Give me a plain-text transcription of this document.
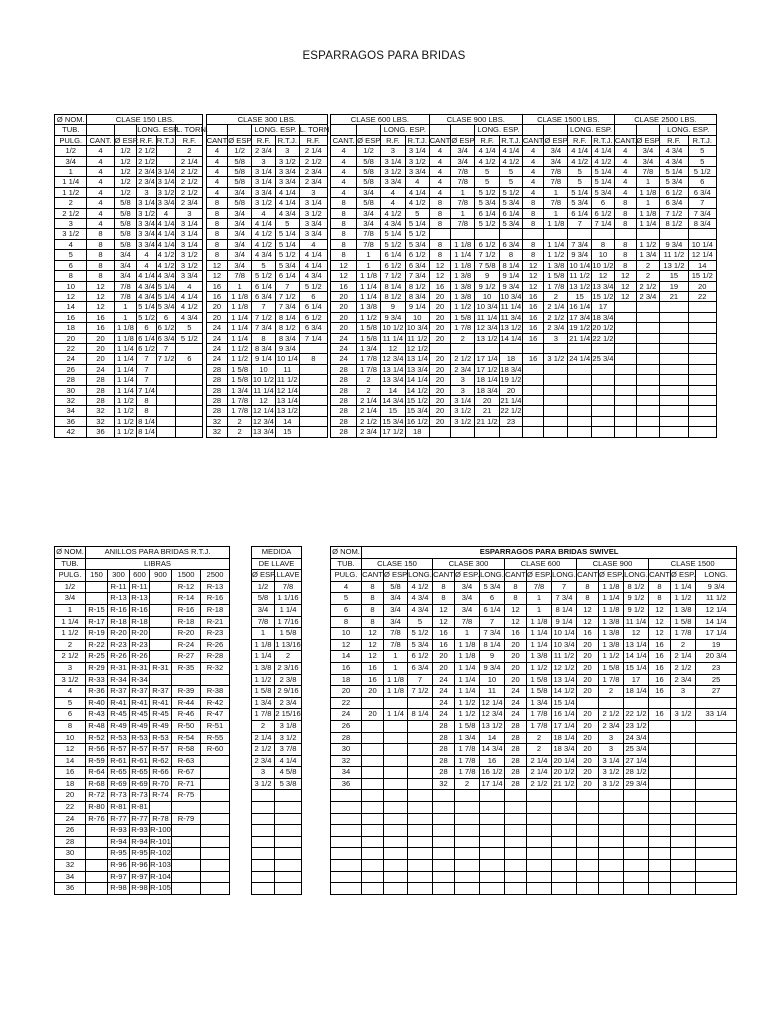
ESPARRAGOS PARA BRIDAS
Ø NOM.	CLASE 150 LBS.						CLASE 300 LBS.						CLASE 600 LBS.				CLASE 900 LBS.				CLASE 1500 LBS.				CLASE 2500 LBS.			
TUB.			LONG. ESP.		L. TORN.				LONG. ESP.		L. TORN.				LONG. ESP.				LONG. ESP.				LONG. ESP.				LONG. ESP.	
PULG.	CANT.	Ø ESP.	R.F.	R.T.J.	R.F.		CANT.	Ø ESP.	R.F.	R.T.J.	R.F.		CANT.	Ø ESP.	R.F.	R.T.J.	CANT.	Ø ESP.	R.F.	R.T.J.	CANT.	Ø ESP.	R.F.	R.T.J.	CANT.	Ø ESP.	R.F.	R.T.J.
1/2	4	1/2	2 1/2		2		4	1/2	2 3/4	3	2 1/4		4	1/2	3	3 1/4	4	3/4	4 1/4	4 1/4	4	3/4	4 1/4	4 1/4	4	3/4	4 3/4	5
3/4	4	1/2	2 1/2		2 1/4		4	5/8	3	3 1/2	2 1/2		4	5/8	3 1/4	3 1/2	4	3/4	4 1/2	4 1/2	4	3/4	4 1/2	4 1/2	4	3/4	4 3/4	5
1	4	1/2	2 3/4	3 1/4	2 1/2		4	5/8	3 1/4	3 3/4	2 3/4		4	5/8	3 1/2	3 3/4	4	7/8	5	5	4	7/8	5	5 1/4	4	7/8	5 1/4	5 1/2
1 1/4	4	1/2	2 3/4	3 1/4	2 1/2		4	5/8	3 1/4	3 3/4	2 3/4		4	5/8	3 3/4	4	4	7/8	5	5	4	7/8	5	5 1/4	4	1	5 3/4	6
1 1/2	4	1/2	3	3 1/2	2 1/2		4	3/4	3 3/4	4 1/4	3		4	3/4	4	4 1/4	4	1	5 1/2	5 1/2	4	1	5 1/4	5 3/4	4	1 1/8	6 1/2	6 3/4
2	4	5/8	3 1/4	3 3/4	2 3/4		8	5/8	3 1/2	4 1/4	3 1/4		8	5/8	4	4 1/2	8	7/8	5 3/4	5 3/4	8	7/8	5 3/4	6	8	1	6 3/4	7
2 1/2	4	5/8	3 1/2	4	3		8	3/4	4	4 3/4	3 1/2		8	3/4	4 1/2	5	8	1	6 1/4	6 1/4	8	1	6 1/4	6 1/2	8	1 1/8	7 1/2	7 3/4
3	4	5/8	3 3/4	4 1/4	3 1/4		8	3/4	4 1/4	5	3 3/4		8	3/4	4 3/4	5 1/4	8	7/8	5 1/2	5 3/4	8	1 1/8	7	7 1/4	8	1 1/4	8 1/2	8 3/4
3 1/2	8	5/8	3 3/4	4 1/4	3 1/4		8	3/4	4 1/2	5 1/4	3 3/4		8	7/8	5 1/4	5 1/2												
4	8	5/8	3 3/4	4 1/4	3 1/4		8	3/4	4 1/2	5 1/4	4		8	7/8	5 1/2	5 3/4	8	1 1/8	6 1/2	6 3/4	8	1 1/4	7 3/4	8	8	1 1/2	9 3/4	10 1/4
5	8	3/4	4	4 1/2	3 1/2		8	3/4	4 3/4	5 1/2	4 1/4		8	1	6 1/4	6 1/2	8	1 1/4	7 1/2	8	8	1 1/2	9 3/4	10	8	1 3/4	11 1/2	12 1/4
6	8	3/4	4	4 1/2	3 1/2		12	3/4	5	5 3/4	4 1/4		12	1	6 1/2	6 3/4	12	1 1/8	7 5/8	8 1/4	12	1 3/8	10 1/4	10 1/2	8	2	13 1/2	14
8	8	3/4	4 1/4	4 3/4	3 3/4		12	7/8	5 1/2	6 1/4	4 3/4		12	1 1/8	7 1/2	7 3/4	12	1 3/8	9	9 1/4	12	1 5/8	11 1/2	12	12	2	15	15 1/2
10	12	7/8	4 3/4	5 1/4	4		16	1	6 1/4	7	5 1/2		16	1 1/4	8 1/4	8 1/2	16	1 3/8	9 1/2	9 3/4	12	1 7/8	13 1/2	13 3/4	12	2 1/2	19	20
12	12	7/8	4 3/4	5 1/4	4 1/4		16	1 1/8	6 3/4	7 1/2	6		20	1 1/4	8 1/2	8 3/4	20	1 3/8	10	10 3/4	16	2	15	15 1/2	12	2 3/4	21	22
14	12	1	5 1/4	5 3/4	4 1/2		20	1 1/8	7	7 3/4	6 1/4		20	1 3/8	9	9 1/4	20	1 1/2	10 3/4	11 1/4	16	2 1/4	16 1/4	17				
16	16	1	5 1/2	6	4 3/4		20	1 1/4	7 1/2	8 1/4	6 1/2		20	1 1/2	9 3/4	10	20	1 5/8	11 1/4	11 3/4	16	2 1/2	17 3/4	18 3/4				
18	16	1 1/8	6	6 1/2	5		24	1 1/4	7 3/4	8 1/2	6 3/4		20	1 5/8	10 1/2	10 3/4	20	1 7/8	12 3/4	13 1/2	16	2 3/4	19 1/2	20 1/2				
20	20	1 1/8	6 1/4	6 3/4	5 1/2		24	1 1/4	8	8 3/4	7 1/4		24	1 5/8	11 1/4	11 1/2	20	2	13 1/2	14 1/4	16	3	21 1/4	22 1/2				
22	20	1 1/4	6 1/2	7			24	1 1/2	8 3/4	9 3/4			24	1 3/4	12	12 1/2												
24	20	1 1/4	7	7 1/2	6		24	1 1/2	9 1/4	10 1/4	8		24	1 7/8	12 3/4	13 1/4	20	2 1/2	17 1/4	18	16	3 1/2	24 1/4	25 3/4				
26	24	1 1/4	7				28	1 5/8	10	11			28	1 7/8	13 1/4	13 3/4	20	2 3/4	17 1/2	18 3/4								
28	28	1 1/4	7				28	1 5/8	10 1/2	11 1/2			28	2	13 3/4	14 1/4	20	3	18 1/4	19 1/2								
30	28	1 1/4	7 1/4				28	1 3/4	11 1/4	12 1/4			28	2	14	14 1/2	20	3	18 3/4	20								
32	28	1 1/2	8				28	1 7/8	12	13 1/4			28	2 1/4	14 3/4	15 1/2	20	3 1/4	20	21 1/4								
34	32	1 1/2	8				28	1 7/8	12 1/4	13 1/2			28	2 1/4	15	15 3/4	20	3 1/2	21	22 1/2								
36	32	1 1/2	8 1/4				32	2	12 3/4	14			28	2 1/2	15 3/4	16 1/2	20	3 1/2	21 1/2	23								
42	36	1 1/2	8 1/4				32	2	13 3/4	15			28	2 3/4	17 1/2	18												
Ø NOM.	ANILLOS PARA BRIDAS R.T.J.					
TUB.	LIBRAS					
PULG.	150	300	600	900	1500	2500
1/2		R-11	R-11		R-12	R-13
3/4		R-13	R-13		R-14	R-16
1	R-15	R-16	R-16		R-16	R-18
1 1/4	R-17	R-18	R-18		R-18	R-21
1 1/2	R-19	R-20	R-20		R-20	R-23
2	R-22	R-23	R-23		R-24	R-26
2 1/2	R-25	R-26	R-26		R-27	R-28
3	R-29	R-31	R-31	R-31	R-35	R-32
3 1/2	R-33	R-34	R-34			
4	R-36	R-37	R-37	R-37	R-39	R-38
5	R-40	R-41	R-41	R-41	R-44	R-42
6	R-43	R-45	R-45	R-45	R-46	R-47
8	R-48	R-49	R-49	R-49	R-50	R-51
10	R-52	R-53	R-53	R-53	R-54	R-55
12	R-56	R-57	R-57	R-57	R-58	R-60
14	R-59	R-61	R-61	R-62	R-63	
16	R-64	R-65	R-65	R-66	R-67	
18	R-68	R-69	R-69	R-70	R-71	
20	R-72	R-73	R-73	R-74	R-75	
22	R-80	R-81	R-81			
24	R-76	R-77	R-77	R-78	R-79	
26		R-93	R-93	R-100		
28		R-94	R-94	R-101		
30		R-95	R-95	R-102		
32		R-96	R-96	R-103		
34		R-97	R-97	R-104		
36		R-98	R-98	R-105		
MEDIDA	
DE LLAVE	
Ø ESP.	LLAVE
1/2	7/8
5/8	1 1/16
3/4	1 1/4
7/8	1 7/16
1	1 5/8
1 1/8	1 13/16
1 1/4	2
1 3/8	2 3/16
1 1/2	2 3/8
1 5/8	2 9/16
1 3/4	2 3/4
1 7/8	2 15/16
2	3 1/8
2 1/4	3 1/2
2 1/2	3 7/8
2 3/4	4 1/4
3	4 5/8
3 1/2	5 3/8

Ø NOM.	ESPARRAGOS PARA BRIDAS SWIVEL														
TUB.	CLASE 150			CLASE 300			CLASE 600			CLASE 900			CLASE 1500		
PULG.	CANT	Ø ESP.	LONG.	CANT	Ø ESP.	LONG.	CANT	Ø ESP.	LONG.	CANT	Ø ESP.	LONG.	CANT	Ø ESP.	LONG.
4	8	5/8	4 1/2	8	3/4	5 3/4	8	7/8	7	8	1 1/8	8 1/2	8	1 1/4	9 3/4
5	8	3/4	4 3/4	8	3/4	6	8	1	7 3/4	8	1 1/4	9 1/2	8	1 1/2	11 1/2
6	8	3/4	4 3/4	12	3/4	6 1/4	12	1	8 1/4	12	1 1/8	9 1/2	12	1 3/8	12 1/4
8	8	3/4	5	12	7/8	7	12	1 1/8	9 1/4	12	1 3/8	11 1/4	12	1 5/8	14 1/4
10	12	7/8	5 1/2	16	1	7 3/4	16	1 1/4	10 1/4	16	1 3/8	12	12	1 7/8	17 1/4
12	12	7/8	5 3/4	16	1 1/8	8 1/4	20	1 1/4	10 3/4	20	1 3/8	13 1/4	16	2	19
14	12	1	6 1/2	20	1 1/8	9	20	1 3/8	11 1/2	20	1 1/2	14 1/4	16	2 1/4	20 3/4
16	16	1	6 3/4	20	1 1/4	9 3/4	20	1 1/2	12 1/2	20	1 5/8	15 1/4	16	2 1/2	23
18	16	1 1/8	7	24	1 1/4	10	20	1 5/8	13 1/4	20	1 7/8	17	16	2 3/4	25
20	20	1 1/8	7 1/2	24	1 1/4	11	24	1 5/8	14 1/2	20	2	18 1/4	16	3	27
22				24	1 1/2	12 1/4	24	1 3/4	15 1/4						
24	20	1 1/4	8 1/4	24	1 1/2	12 3/4	24	1 7/8	16 1/4	20	2 1/2	22 1/2	16	3 1/2	33 1/4
26				28	1 5/8	13 1/2	28	1 7/8	17 1/4	20	2 3/4	23 1/2			
28				28	1 3/4	14	28	2	18 1/4	20	3	24 3/4			
30				28	1 7/8	14 3/4	28	2	18 3/4	20	3	25 3/4			
32				28	1 7/8	16	28	2 1/4	20 1/4	20	3 1/4	27 1/4			
34				28	1 7/8	16 1/2	28	2 1/4	20 1/2	20	3 1/2	28 1/2			
36				32	2	17 1/4	28	2 1/2	21 1/2	20	3 1/2	29 3/4			
